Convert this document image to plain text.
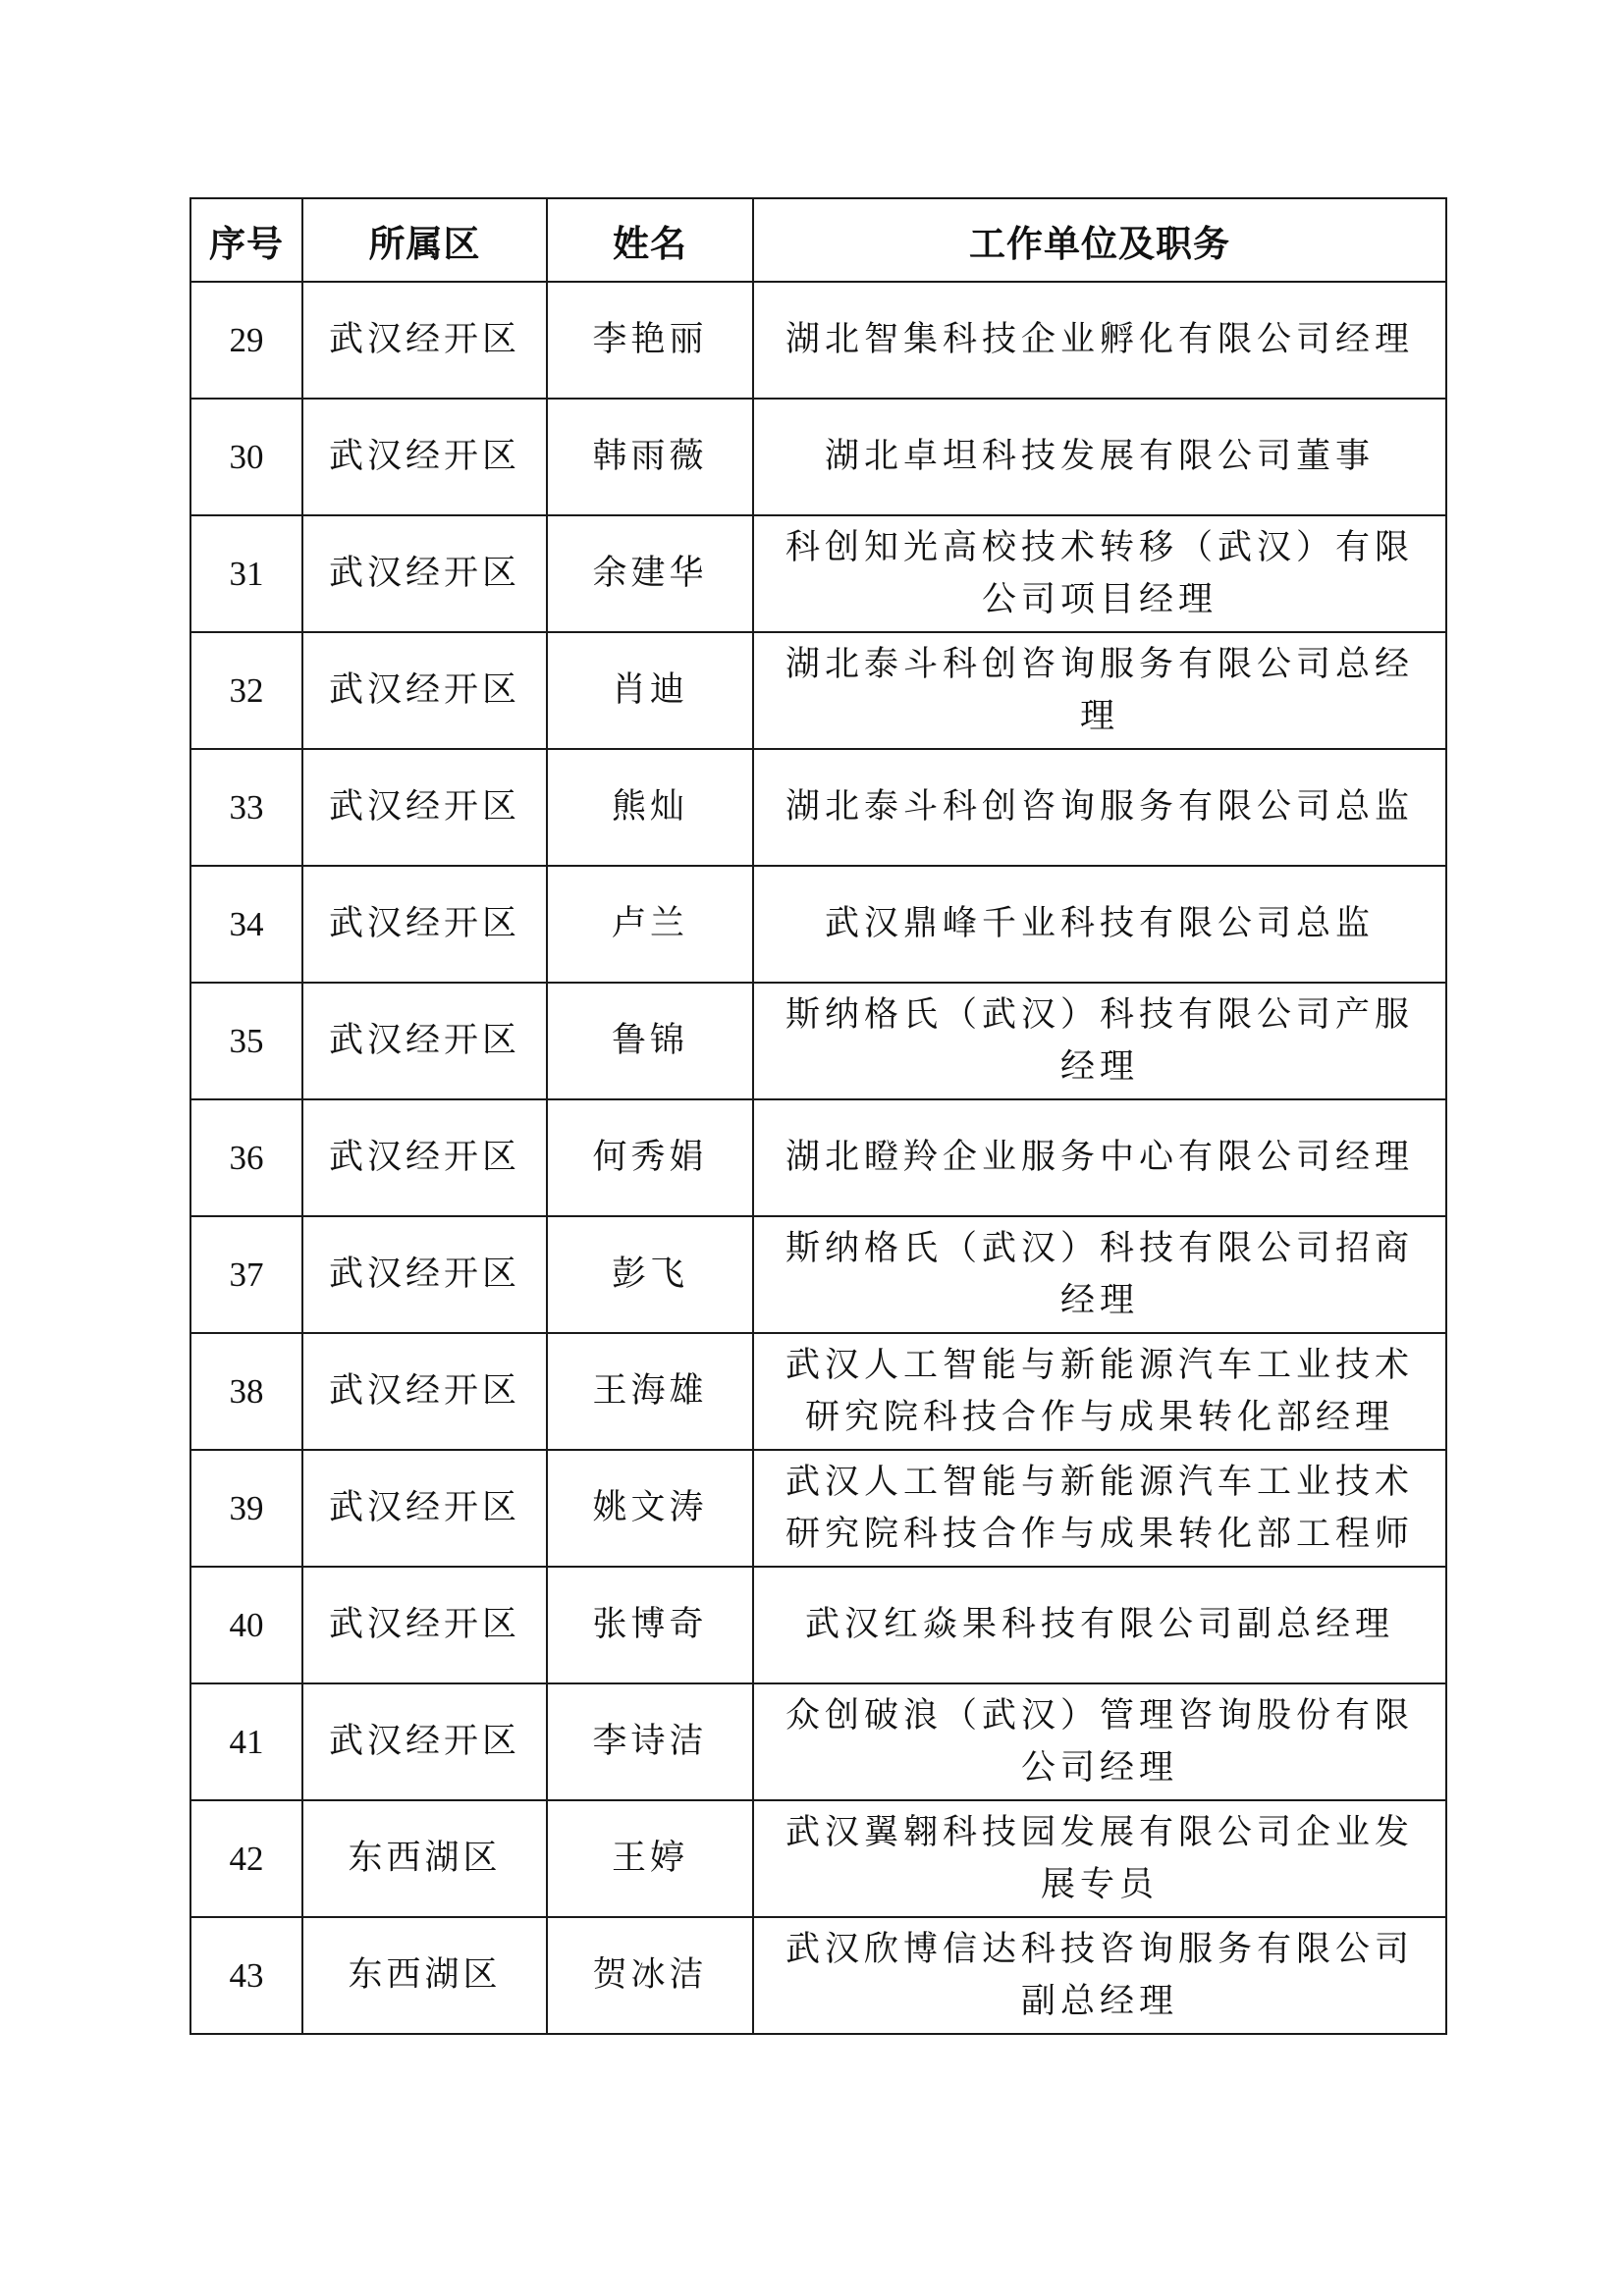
序号	所属区	姓名	工作单位及职务
29	武汉经开区	李艳丽	湖北智集科技企业孵化有限公司经理
30	武汉经开区	韩雨薇	湖北卓坦科技发展有限公司董事
31	武汉经开区	余建华	科创知光高校技术转移（武汉）有限公司项目经理
32	武汉经开区	肖迪	湖北泰斗科创咨询服务有限公司总经理
33	武汉经开区	熊灿	湖北泰斗科创咨询服务有限公司总监
34	武汉经开区	卢兰	武汉鼎峰千业科技有限公司总监
35	武汉经开区	鲁锦	斯纳格氏（武汉）科技有限公司产服经理
36	武汉经开区	何秀娟	湖北瞪羚企业服务中心有限公司经理
37	武汉经开区	彭飞	斯纳格氏（武汉）科技有限公司招商经理
38	武汉经开区	王海雄	武汉人工智能与新能源汽车工业技术研究院科技合作与成果转化部经理
39	武汉经开区	姚文涛	武汉人工智能与新能源汽车工业技术研究院科技合作与成果转化部工程师
40	武汉经开区	张博奇	武汉红焱果科技有限公司副总经理
41	武汉经开区	李诗洁	众创破浪（武汉）管理咨询股份有限公司经理
42	东西湖区	王婷	武汉翼翱科技园发展有限公司企业发展专员
43	东西湖区	贺冰洁	武汉欣博信达科技咨询服务有限公司副总经理
